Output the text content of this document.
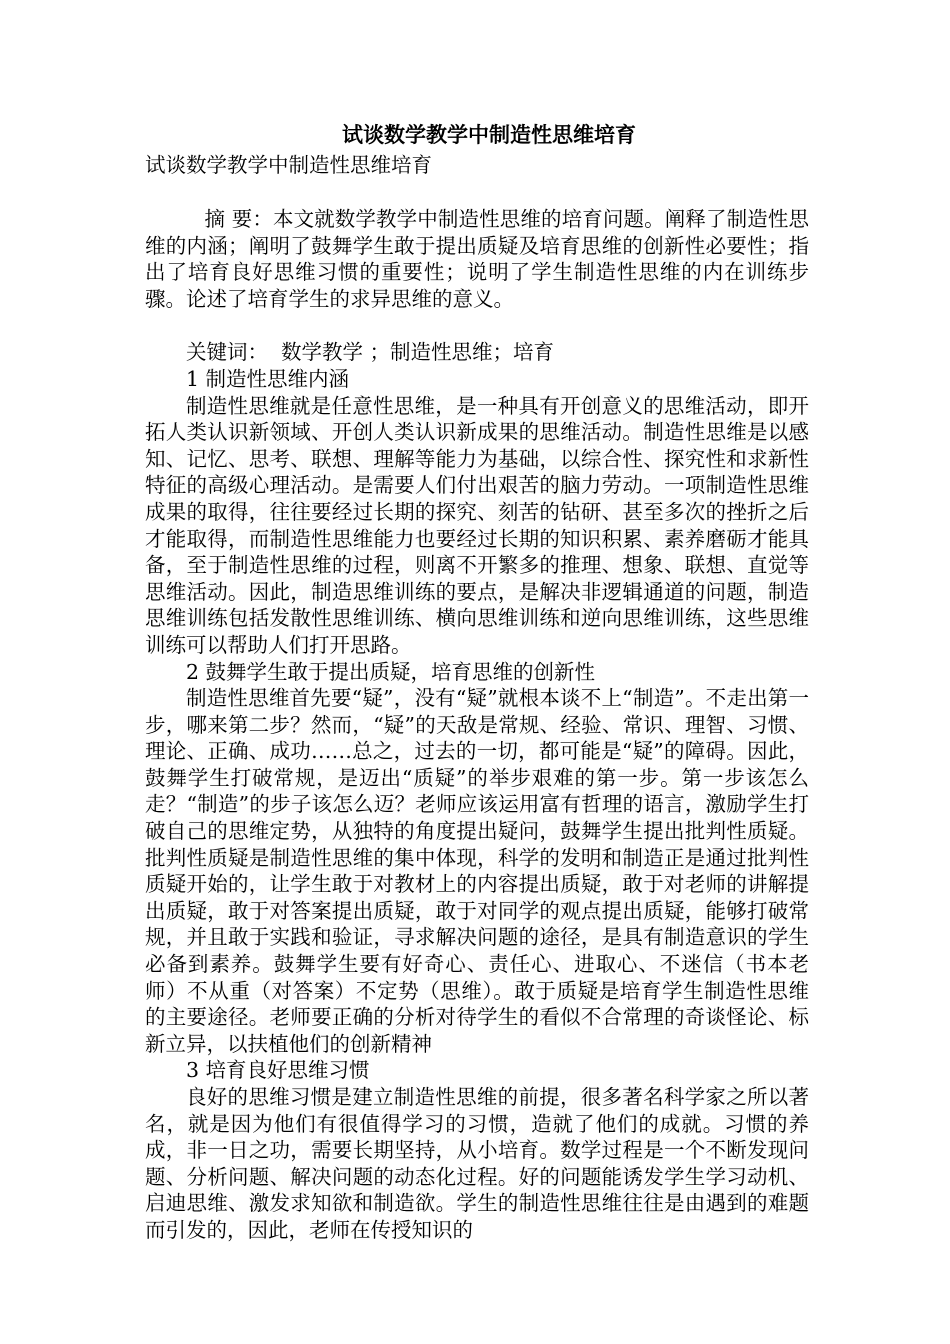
试谈数学教学中制造性思维培育

试谈数学教学中制造性思维培育

摘 要：本文就数学教学中制造性思维的培育问题。阐释了制造性思维的内涵；阐明了鼓舞学生敢于提出质疑及培育思维的创新性必要性；指出了培育良好思维习惯的重要性；说明了学生制造性思维的内在训练步骤。论述了培育学生的求异思维的意义。

关键词：  数学教学 ；制造性思维；培育

1 制造性思维内涵

制造性思维就是任意性思维，是一种具有开创意义的思维活动，即开拓人类认识新领域、开创人类认识新成果的思维活动。制造性思维是以感知、记忆、思考、联想、理解等能力为基础，以综合性、探究性和求新性特征的高级心理活动。是需要人们付出艰苦的脑力劳动。一项制造性思维成果的取得，往往要经过长期的探究、刻苦的钻研、甚至多次的挫折之后才能取得，而制造性思维能力也要经过长期的知识积累、素养磨砺才能具备，至于制造性思维的过程，则离不开繁多的推理、想象、联想、直觉等思维活动。因此，制造思维训练的要点，是解决非逻辑通道的问题，制造思维训练包括发散性思维训练、横向思维训练和逆向思维训练，这些思维训练可以帮助人们打开思路。

2 鼓舞学生敢于提出质疑，培育思维的创新性

制造性思维首先要“疑”，没有“疑”就根本谈不上“制造”。不走出第一步，哪来第二步？然而，“疑”的天敌是常规、经验、常识、理智、习惯、理论、正确、成功……总之，过去的一切，都可能是“疑”的障碍。因此，鼓舞学生打破常规，是迈出“质疑”的举步艰难的第一步。第一步该怎么走？“制造”的步子该怎么迈？老师应该运用富有哲理的语言，激励学生打破自己的思维定势，从独特的角度提出疑问，鼓舞学生提出批判性质疑。批判性质疑是制造性思维的集中体现，科学的发明和制造正是通过批判性质疑开始的，让学生敢于对教材上的内容提出质疑，敢于对老师的讲解提出质疑，敢于对答案提出质疑，敢于对同学的观点提出质疑，能够打破常规，并且敢于实践和验证，寻求解决问题的途径，是具有制造意识的学生必备到素养。鼓舞学生要有好奇心、责任心、进取心、不迷信（书本老师）不从重（对答案）不定势（思维）。敢于质疑是培育学生制造性思维的主要途径。老师要正确的分析对待学生的看似不合常理的奇谈怪论、标新立异，以扶植他们的创新精神

3 培育良好思维习惯

良好的思维习惯是建立制造性思维的前提，很多著名科学家之所以著名，就是因为他们有很值得学习的习惯，造就了他们的成就。习惯的养成，非一日之功，需要长期坚持，从小培育。数学过程是一个不断发现问题、分析问题、解决问题的动态化过程。好的问题能诱发学生学习动机、启迪思维、激发求知欲和制造欲。学生的制造性思维往往是由遇到的难题而引发的，因此，老师在传授知识的
